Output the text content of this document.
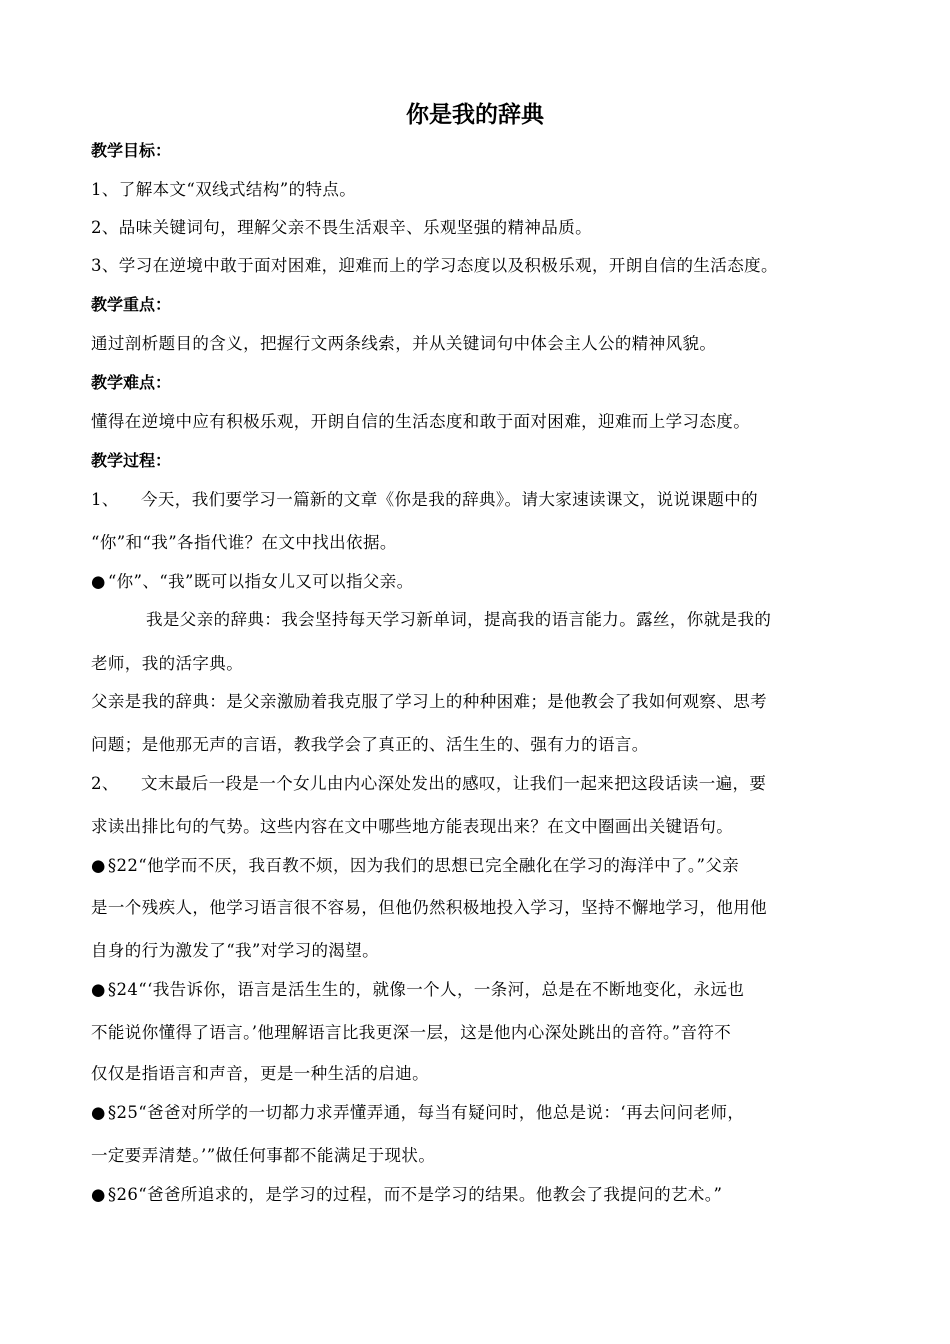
你是我的辞典
教学目标：
1、了解本文“双线式结构”的特点。
2、品味关键词句，理解父亲不畏生活艰辛、乐观坚强的精神品质。
3、学习在逆境中敢于面对困难，迎难而上的学习态度以及积极乐观，开朗自信的生活态度。
教学重点：
通过剖析题目的含义，把握行文两条线索，并从关键词句中体会主人公的精神风貌。
教学难点：
懂得在逆境中应有积极乐观，开朗自信的生活态度和敢于面对困难，迎难而上学习态度。
教学过程：
1、 今天，我们要学习一篇新的文章《你是我的辞典》。请大家速读课文，说说课题中的
“你”和“我”各指代谁？在文中找出依据。
● “你”、“我”既可以指女儿又可以指父亲。
我是父亲的辞典：我会坚持每天学习新单词，提高我的语言能力。露丝，你就是我的
老师，我的活字典。
父亲是我的辞典：是父亲激励着我克服了学习上的种种困难；是他教会了我如何观察、思考
问题；是他那无声的言语，教我学会了真正的、活生生的、强有力的语言。
2、 文末最后一段是一个女儿由内心深处发出的感叹，让我们一起来把这段话读一遍，要
求读出排比句的气势。这些内容在文中哪些地方能表现出来？在文中圈画出关键语句。
● §22“他学而不厌，我百教不烦，因为我们的思想已完全融化在学习的海洋中了。”父亲
是一个残疾人，他学习语言很不容易，但他仍然积极地投入学习，坚持不懈地学习，他用他
自身的行为激发了“我”对学习的渴望。
● §24“‘我告诉你，语言是活生生的，就像一个人，一条河，总是在不断地变化，永远也
不能说你懂得了语言。’他理解语言比我更深一层，这是他内心深处跳出的音符。”音符不
仅仅是指语言和声音，更是一种生活的启迪。
● §25“爸爸对所学的一切都力求弄懂弄通，每当有疑问时，他总是说：‘再去问问老师，
一定要弄清楚。’”做任何事都不能满足于现状。
● §26“爸爸所追求的，是学习的过程，而不是学习的结果。他教会了我提问的艺术。”
